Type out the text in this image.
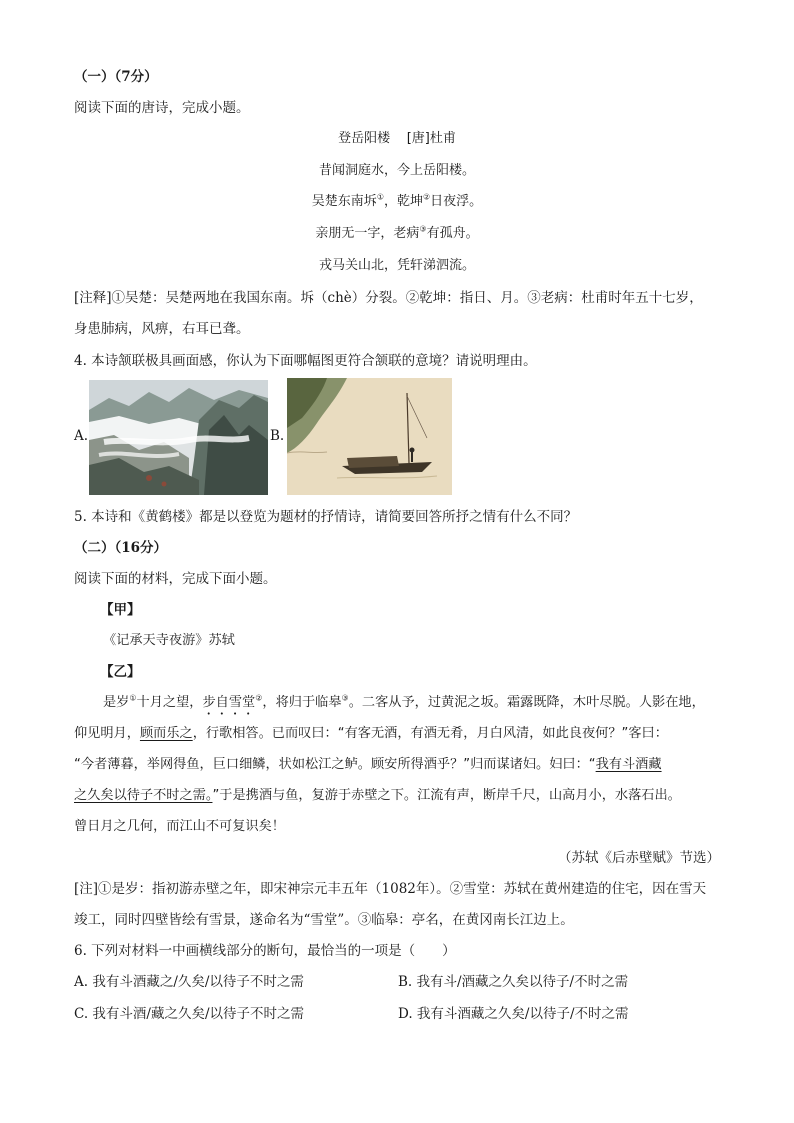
（一）（7分）
阅读下面的唐诗，完成小题。
登岳阳楼 [唐]杜甫
昔闻洞庭水，今上岳阳楼。
吴楚东南坼①，乾坤②日夜浮。
亲朋无一字，老病③有孤舟。
戎马关山北，凭轩涕泗流。
[注释]①吴楚：吴楚两地在我国东南。坼（chè）分裂。②乾坤：指日、月。③老病：杜甫时年五十七岁，
身患肺病，风痹，右耳已聋。
4. 本诗颔联极具画面感，你认为下面哪幅图更符合颔联的意境？请说明理由。
A.	B.
5. 本诗和《黄鹤楼》都是以登览为题材的抒情诗，请简要回答所抒之情有什么不同？
（二）（16分）
阅读下面的材料，完成下面小题。
【甲】
《记承天寺夜游》苏轼
【乙】
是岁①十月之望，步自雪堂②，将归于临皋③。二客从予，过黄泥之坂。霜露既降，木叶尽脱。人影在地，
仰见明月，顾而乐之，行歌相答。已而叹曰：“有客无酒，有酒无肴，月白风清，如此良夜何？”客曰：
“今者薄暮，举网得鱼，巨口细鳞，状如松江之鲈。顾安所得酒乎？”归而谋诸妇。妇曰：“我有斗酒藏
之久矣以待子不时之需。”于是携酒与鱼，复游于赤壁之下。江流有声，断岸千尺，山高月小，水落石出。
曾日月之几何，而江山不可复识矣！
（苏轼《后赤壁赋》节选）
[注]①是岁：指初游赤壁之年，即宋神宗元丰五年（1082年）。②雪堂：苏轼在黄州建造的住宅，因在雪天
竣工，同时四壁皆绘有雪景，遂命名为“雪堂”。③临皋：亭名，在黄冈南长江边上。
6. 下列对材料一中画横线部分的断句，最恰当的一项是（　　）
A. 我有斗酒藏之/久矣/以待子不时之需	B. 我有斗/酒藏之久矣以待子/不时之需
C. 我有斗酒/藏之久矣/以待子不时之需	D. 我有斗酒藏之久矣/以待子/不时之需
